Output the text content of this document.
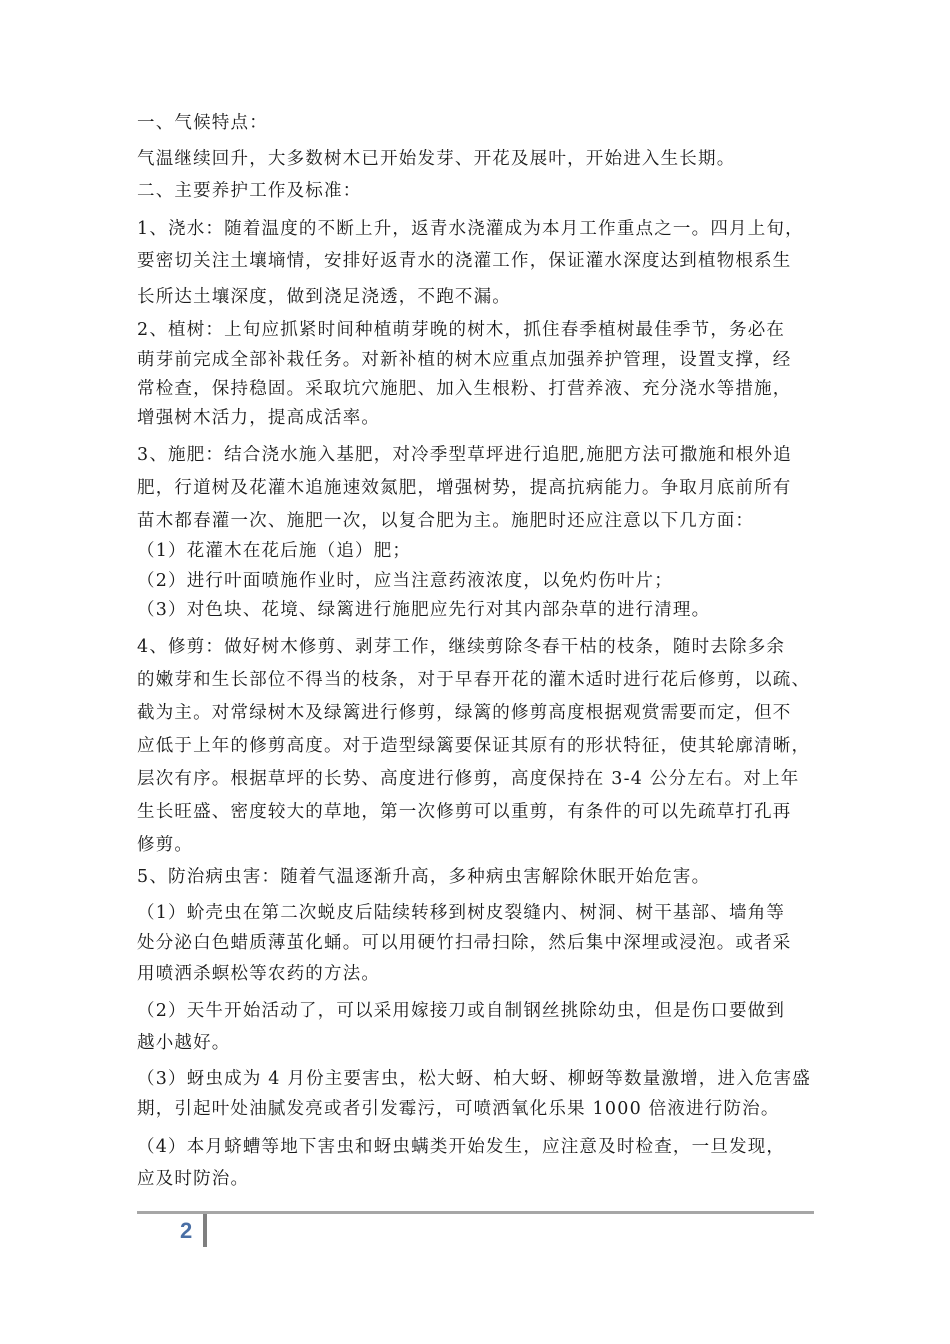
一、气候特点：
气温继续回升，大多数树木已开始发芽、开花及展叶，开始进入生长期。
二、主要养护工作及标准：
1、浇水：随着温度的不断上升，返青水浇灌成为本月工作重点之一。四月上旬，
要密切关注土壤墒情，安排好返青水的浇灌工作，保证灌水深度达到植物根系生
长所达土壤深度，做到浇足浇透，不跑不漏。
2、植树：上旬应抓紧时间种植萌芽晚的树木，抓住春季植树最佳季节，务必在
萌芽前完成全部补栽任务。对新补植的树木应重点加强养护管理，设置支撑，经
常检查，保持稳固。采取坑穴施肥、加入生根粉、打营养液、充分浇水等措施，
增强树木活力，提高成活率。
3、施肥：结合浇水施入基肥，对冷季型草坪进行追肥,施肥方法可撒施和根外追
肥，行道树及花灌木追施速效氮肥，增强树势，提高抗病能力。争取月底前所有
苗木都春灌一次、施肥一次，以复合肥为主。施肥时还应注意以下几方面：
（1）花灌木在花后施（追）肥；
（2）进行叶面喷施作业时，应当注意药液浓度，以免灼伤叶片；
（3）对色块、花境、绿篱进行施肥应先行对其内部杂草的进行清理。
4、修剪：做好树木修剪、剥芽工作，继续剪除冬春干枯的枝条，随时去除多余
的嫩芽和生长部位不得当的枝条，对于早春开花的灌木适时进行花后修剪，以疏、
截为主。对常绿树木及绿篱进行修剪，绿篱的修剪高度根据观赏需要而定，但不
应低于上年的修剪高度。对于造型绿篱要保证其原有的形状特征，使其轮廓清晰，
层次有序。根据草坪的长势、高度进行修剪，高度保持在 3-4 公分左右。对上年
生长旺盛、密度较大的草地，第一次修剪可以重剪，有条件的可以先疏草打孔再
修剪。
5、防治病虫害：随着气温逐渐升高，多种病虫害解除休眠开始危害。
（1）蚧壳虫在第二次蜕皮后陆续转移到树皮裂缝内、树洞、树干基部、墙角等
处分泌白色蜡质薄茧化蛹。可以用硬竹扫帚扫除，然后集中深埋或浸泡。或者采
用喷洒杀螟松等农药的方法。
（2）天牛开始活动了，可以采用嫁接刀或自制钢丝挑除幼虫，但是伤口要做到
越小越好。
（3）蚜虫成为 4 月份主要害虫，松大蚜、柏大蚜、柳蚜等数量激增，进入危害盛
期，引起叶处油腻发亮或者引发霉污，可喷洒氧化乐果 1000 倍液进行防治。
（4）本月蛴螬等地下害虫和蚜虫螨类开始发生，应注意及时检查，一旦发现，
应及时防治。
2
